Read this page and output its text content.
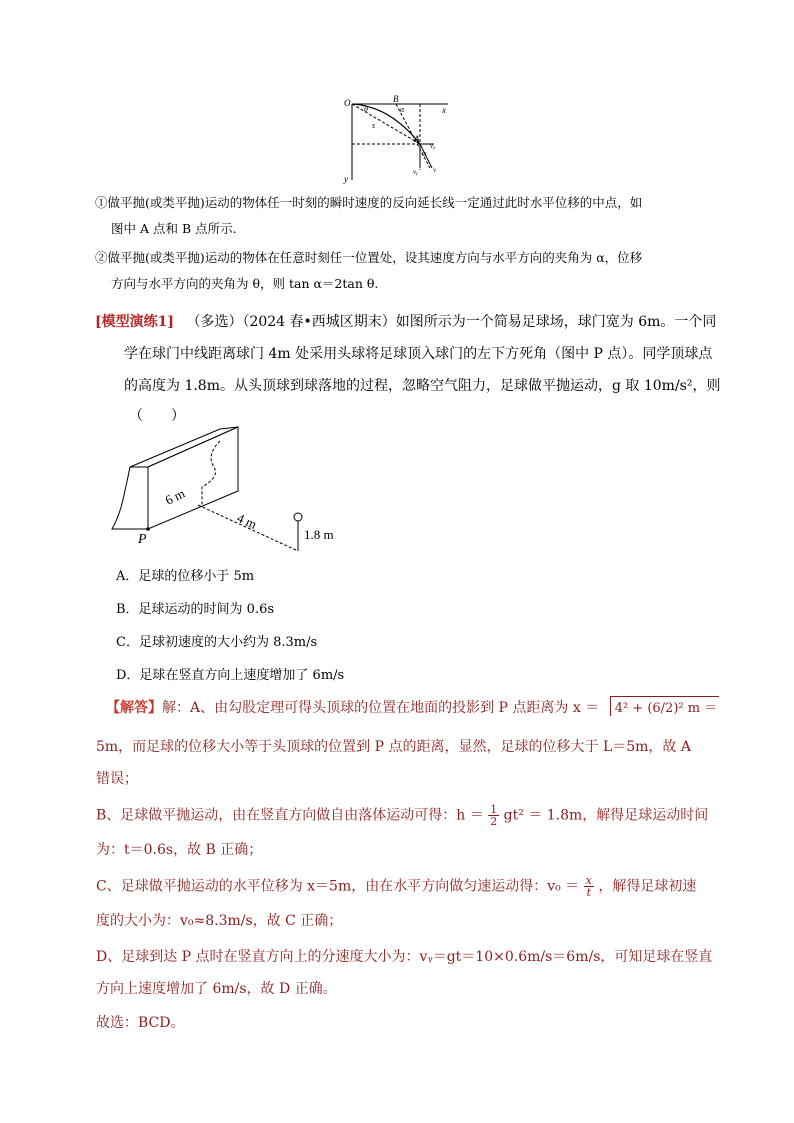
O	B
x
y
A
s
θ	α
α
v₀
vᵧ v
①做平抛(或类平抛)运动的物体任一时刻的瞬时速度的反向延长线一定通过此时水平位移的中点，如
图中 A 点和 B 点所示.
②做平抛(或类平抛)运动的物体在任意时刻任一位置处，设其速度方向与水平方向的夹角为 α，位移
方向与水平方向的夹角为 θ，则 tan α＝2tan θ.
[模型演练1] （多选）（2024 春•西城区期末）如图所示为一个简易足球场，球门宽为 6m。一个同
学在球门中线距离球门 4m 处采用头球将足球顶入球门的左下方死角（图中 P 点）。同学顶球点
的高度为 1.8m。从头顶球到球落地的过程，忽略空气阻力，足球做平抛运动，g 取 10m/s²，则
（　　）
6 m
4 m
1.8 m
P
A．足球的位移小于 5m
B．足球运动的时间为 0.6s
C．足球初速度的大小约为 8.3m/s
D．足球在竖直方向上速度增加了 6m/s
【解答】解：A、由勾股定理可得头顶球的位置在地面的投影到 P 点距离为 x ＝ 4² + (6/2)² m ＝
5m，而足球的位移大小等于头顶球的位置到 P 点的距离，显然，足球的位移大于 L＝5m，故 A
错误；
B、足球做平抛运动，由在竖直方向做自由落体运动可得：$h = \frac{1}{2} gt^2 = 1.8m$，解得足球运动时间
为：t＝0.6s，故 B 正确；
C、足球做平抛运动的水平位移为 x＝5m，由在水平方向做匀速运动得：$v_0 = \frac{x}{t}$ ，解得足球初速
度的大小为：v₀≈8.3m/s，故 C 正确；
D、足球到达 P 点时在竖直方向上的分速度大小为：vᵧ＝gt＝10×0.6m/s＝6m/s，可知足球在竖直
方向上速度增加了 6m/s，故 D 正确。
故选：BCD。
